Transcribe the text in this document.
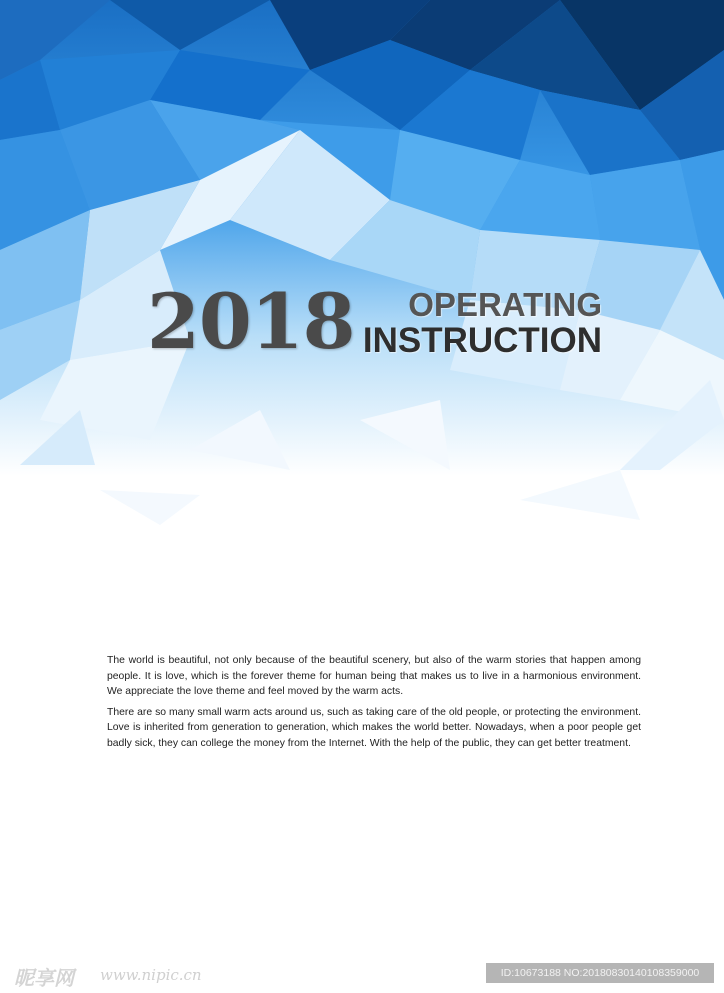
2018 OPERATING
INSTRUCTION

The world is beautiful, not only because of the beautiful scenery, but also of the warm stories that happen among people. It is love, which is the forever theme for human being that makes us to live in a harmonious environment. We appreciate the love theme and feel moved by the warm acts.

There are so many small warm acts around us, such as taking care of the old people, or protecting the environment. Love is inherited from generation to generation, which makes the world better. Nowadays, when a poor people get badly sick, they can college the money from the Internet. With the help of the public, they can get better treatment.

昵享网 www.nipic.cn	ID:10673188 NO:20180830140108359000
